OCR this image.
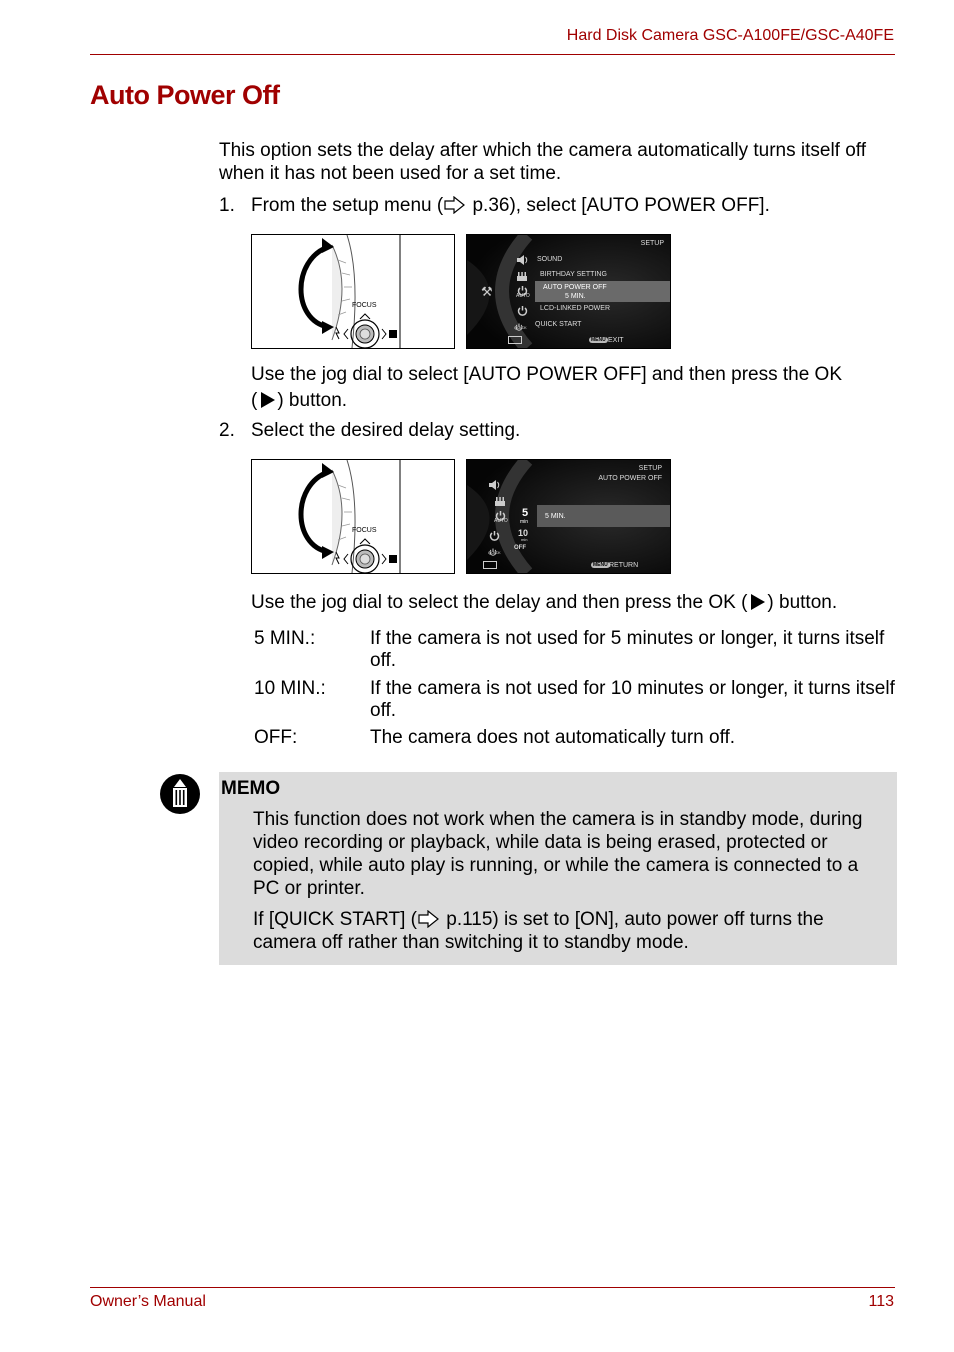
Hard Disk Camera GSC-A100FE/GSC-A40FE
Auto Power Off
This option sets the delay after which the camera automatically turns itself off when it has not been used for a set time.
1. From the setup menu ( p.36), select [AUTO POWER OFF].
FOCUS
SETUP
⚒	AUTO
QUICK
SOUND
BIRTHDAY SETTING
AUTO POWER OFF
5 MIN.
LCD-LINKED POWER
QUICK START
MENU EXIT
Use the jog dial to select [AUTO POWER OFF] and then press the OK
( ) button.
2. Select the desired delay setting.
FOCUS
SETUP
AUTO POWER OFF
AUTO
QUICK
5
min
10
min
OFF
5 MIN.
MENU RETURN
Use the jog dial to select the delay and then press the OK ( ) button.
5 MIN.:	If the camera is not used for 5 minutes or longer, it turns itself off.
10 MIN.: If the camera is not used for 10 minutes or longer, it turns itself off.
OFF:	The camera does not automatically turn off.
MEMO
This function does not work when the camera is in standby mode, during video recording or playback, while data is being erased, protected or copied, while auto play is running, or while the camera is connected to a PC or printer.
If [QUICK START] ( p.115) is set to [ON], auto power off turns the camera off rather than switching it to standby mode.
Owner’s Manual	113
